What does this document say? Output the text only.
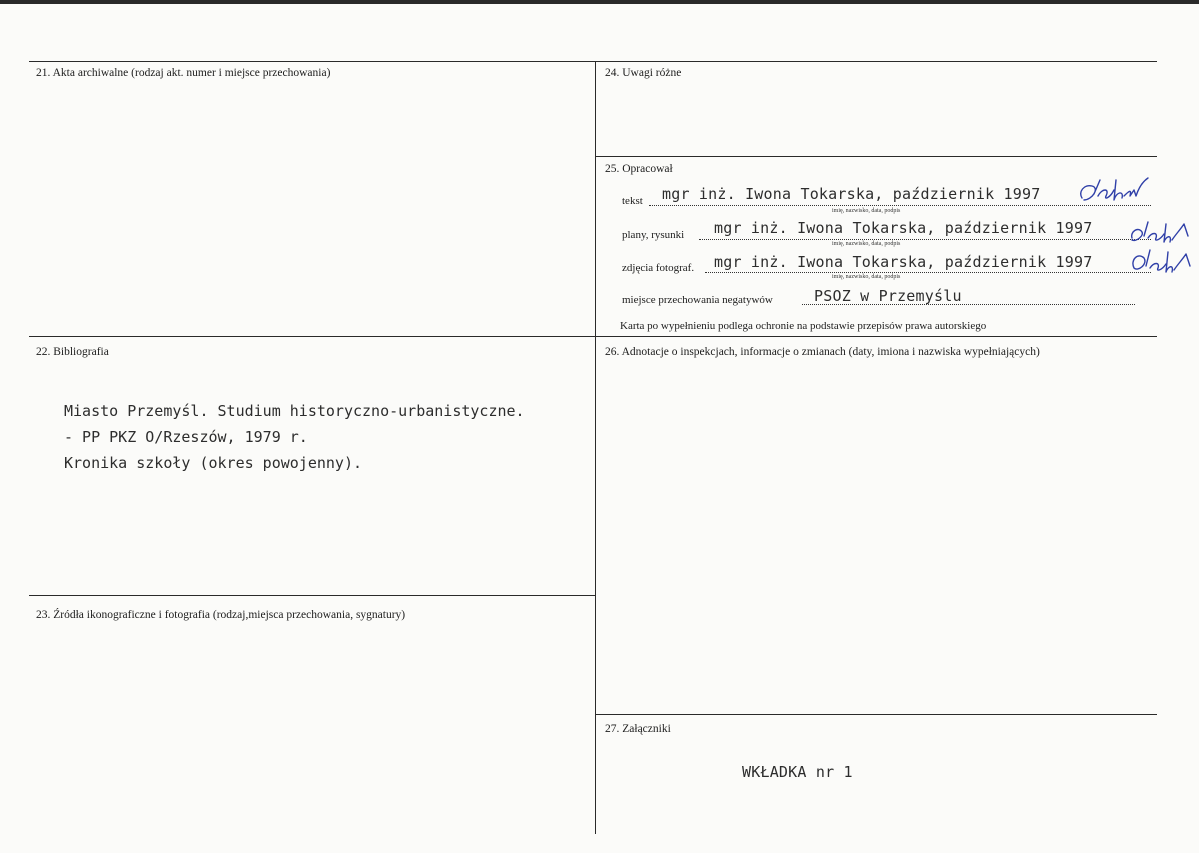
21. Akta archiwalne (rodzaj akt. numer i miejsce przechowania)
22. Bibliografia
Miasto Przemyśl. Studium historyczno-urbanistyczne.
- PP PKZ O/Rzeszów, 1979 r.
Kronika szkoły (okres powojenny).
23. Źródła ikonograficzne i fotografia (rodzaj,miejsca przechowania, sygnatury)
24. Uwagi różne
25. Opracował
tekst mgr inż. Iwona Tokarska, październik 1997
imię, nazwisko, data, podpis
plany, rysunki mgr inż. Iwona Tokarska, październik 1997
imię, nazwisko, data, podpis
zdjęcia fotograf. mgr inż. Iwona Tokarska, październik 1997
imię, nazwisko, data, podpis
miejsce przechowania negatywów	PSOZ w Przemyślu
Karta po wypełnieniu podlega ochronie na podstawie przepisów prawa autorskiego
26. Adnotacje o inspekcjach, informacje o zmianach (daty, imiona i nazwiska wypełniających)
27. Załączniki
WKŁADKA nr 1
